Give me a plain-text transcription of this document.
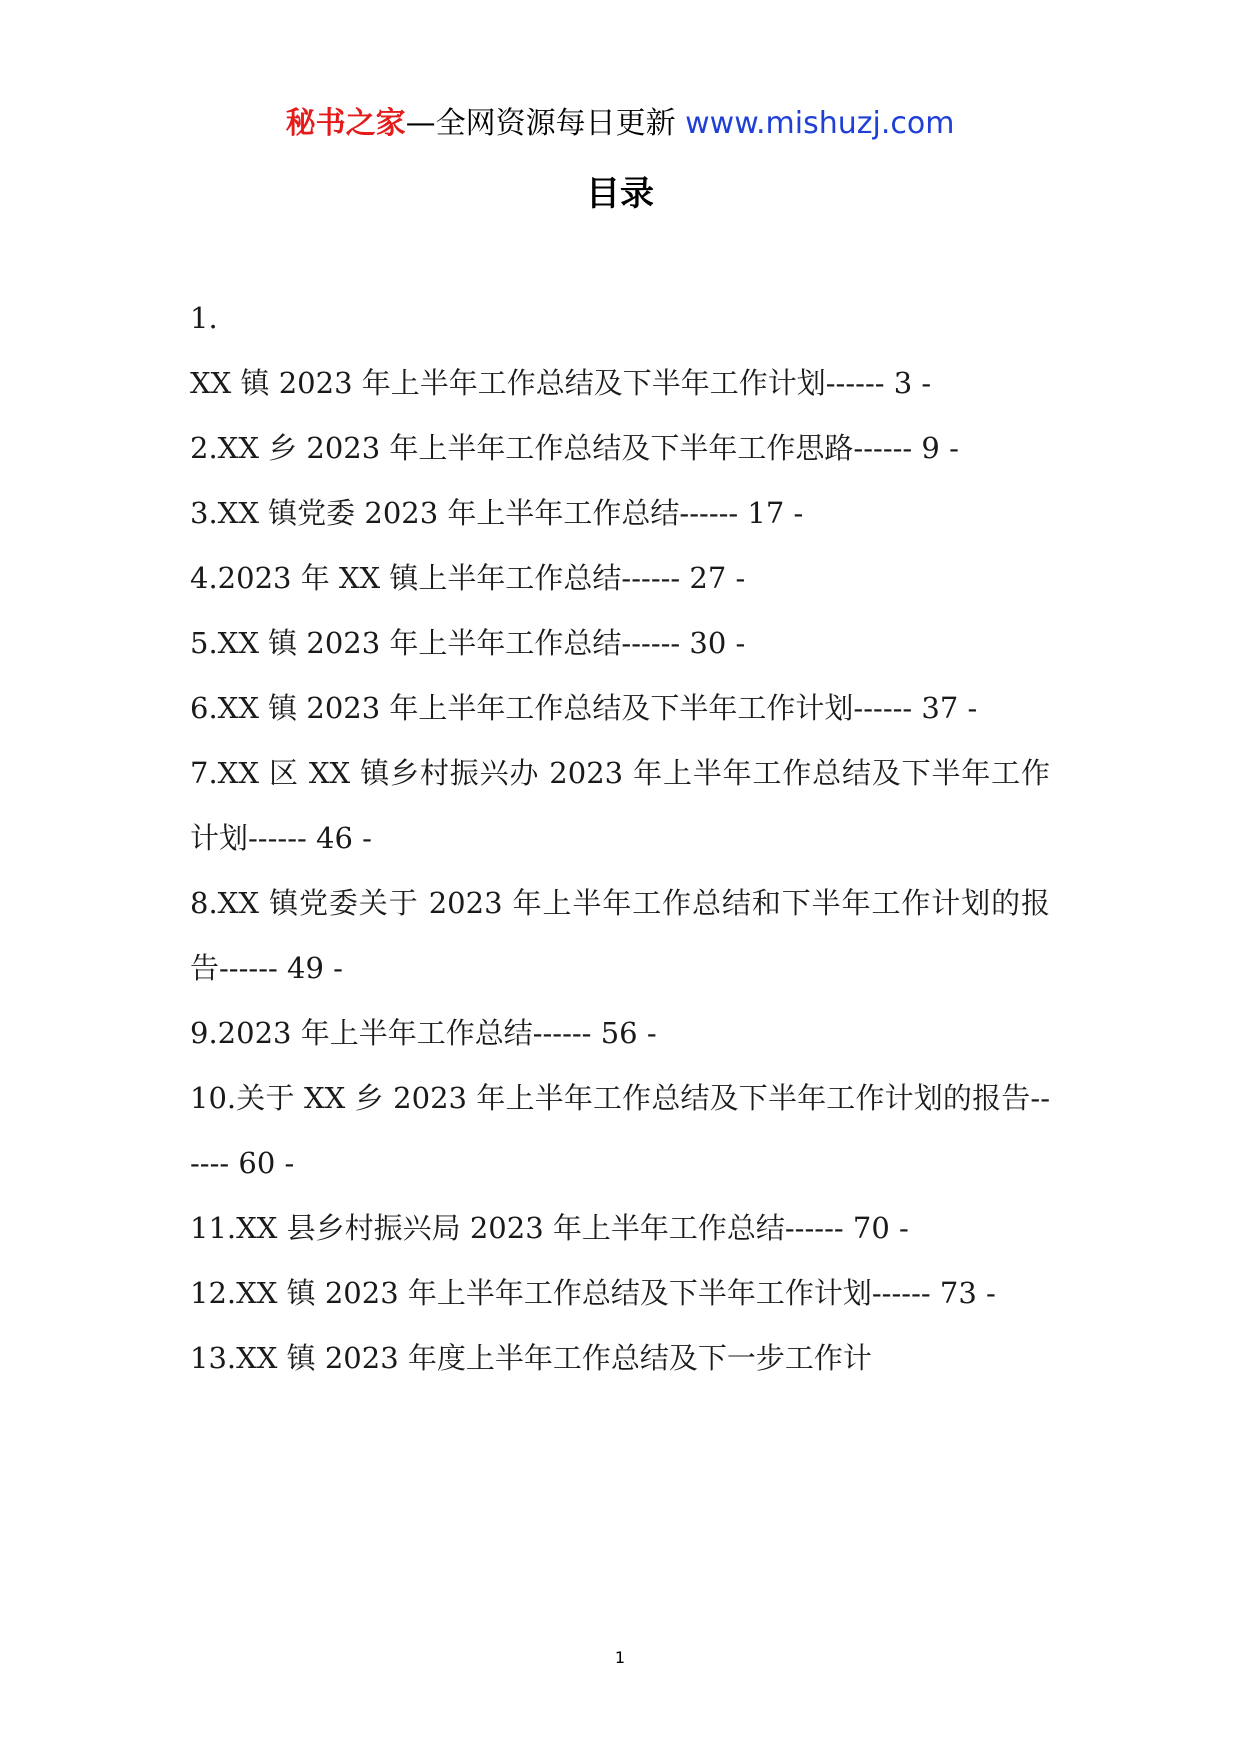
秘书之家—全网资源每日更新 www.mishuzj.com
目录

1.

XX 镇 2023 年上半年工作总结及下半年工作计划------ 3 -

2.XX 乡 2023 年上半年工作总结及下半年工作思路------ 9 -

3.XX 镇党委 2023 年上半年工作总结------ 17 -

4.2023 年 XX 镇上半年工作总结------ 27 -

5.XX 镇 2023 年上半年工作总结------ 30 -

6.XX 镇 2023 年上半年工作总结及下半年工作计划------ 37 -

7.XX 区 XX 镇乡村振兴办 2023 年上半年工作总结及下半年工作计划------ 46 -

8.XX 镇党委关于 2023 年上半年工作总结和下半年工作计划的报告------ 49 -

9.2023 年上半年工作总结------ 56 -

10.关于 XX 乡 2023 年上半年工作总结及下半年工作计划的报告------ 60 -

11.XX 县乡村振兴局 2023 年上半年工作总结------ 70 -

12.XX 镇 2023 年上半年工作总结及下半年工作计划------ 73 -

13.XX 镇 2023 年度上半年工作总结及下一步工作计

1
